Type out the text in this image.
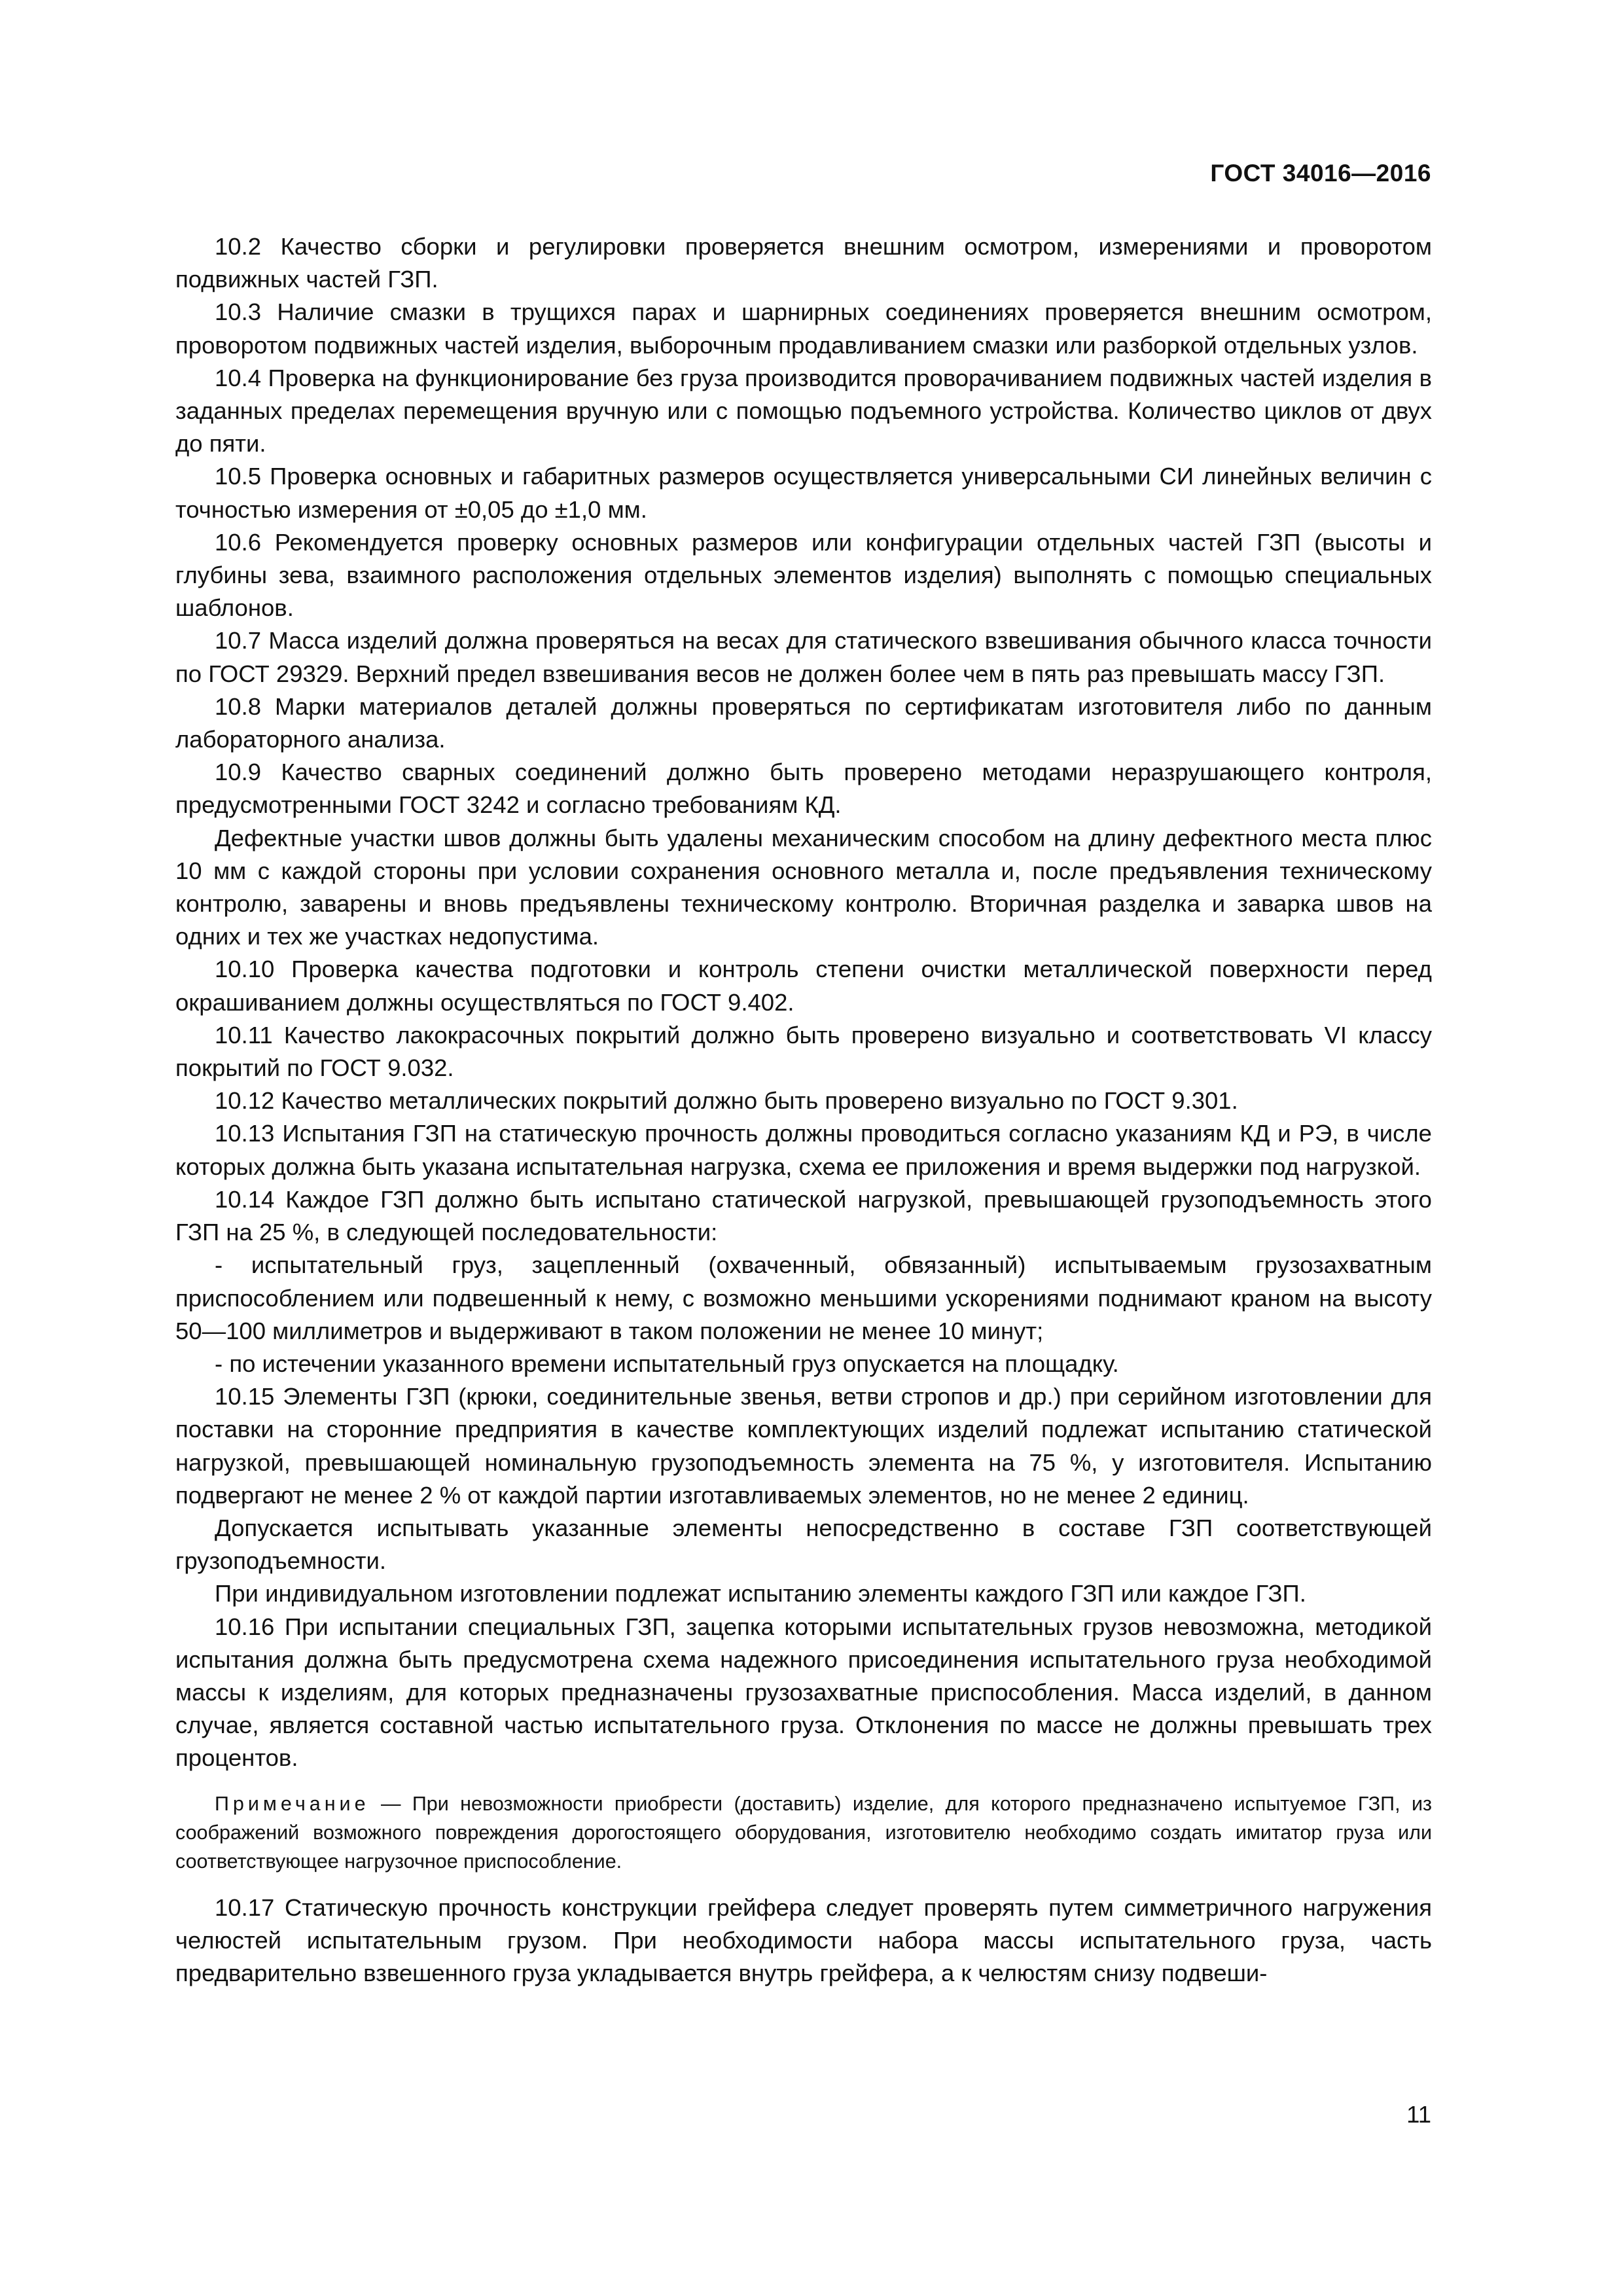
ГОСТ 34016—2016

10.2 Качество сборки и регулировки проверяется внешним осмотром, измерениями и проворотом подвижных частей ГЗП.

10.3 Наличие смазки в трущихся парах и шарнирных соединениях проверяется внешним осмотром, проворотом подвижных частей изделия, выборочным продавливанием смазки или разборкой отдельных узлов.

10.4 Проверка на функционирование без груза производится проворачиванием подвижных частей изделия в заданных пределах перемещения вручную или с помощью подъемного устройства. Количество циклов от двух до пяти.

10.5 Проверка основных и габаритных размеров осуществляется универсальными СИ линейных величин с точностью измерения от ±0,05 до ±1,0 мм.

10.6 Рекомендуется проверку основных размеров или конфигурации отдельных частей ГЗП (высоты и глубины зева, взаимного расположения отдельных элементов изделия) выполнять с помощью специальных шаблонов.

10.7 Масса изделий должна проверяться на весах для статического взвешивания обычного класса точности по ГОСТ 29329. Верхний предел взвешивания весов не должен более чем в пять раз превышать массу ГЗП.

10.8 Марки материалов деталей должны проверяться по сертификатам изготовителя либо по данным лабораторного анализа.

10.9 Качество сварных соединений должно быть проверено методами неразрушающего контроля, предусмотренными ГОСТ 3242 и согласно требованиям КД.

Дефектные участки швов должны быть удалены механическим способом на длину дефектного места плюс 10 мм с каждой стороны при условии сохранения основного металла и, после предъявления техническому контролю, заварены и вновь предъявлены техническому контролю. Вторичная разделка и заварка швов на одних и тех же участках недопустима.

10.10 Проверка качества подготовки и контроль степени очистки металлической поверхности перед окрашиванием должны осуществляться по ГОСТ 9.402.

10.11 Качество лакокрасочных покрытий должно быть проверено визуально и соответствовать VI классу покрытий по ГОСТ 9.032.

10.12 Качество металлических покрытий должно быть проверено визуально по ГОСТ 9.301.

10.13 Испытания ГЗП на статическую прочность должны проводиться согласно указаниям КД и РЭ, в числе которых должна быть указана испытательная нагрузка, схема ее приложения и время выдержки под нагрузкой.

10.14 Каждое ГЗП должно быть испытано статической нагрузкой, превышающей грузоподъемность этого ГЗП на 25 %, в следующей последовательности:

- испытательный груз, зацепленный (охваченный, обвязанный) испытываемым грузозахватным приспособлением или подвешенный к нему, с возможно меньшими ускорениями поднимают краном на высоту 50—100 миллиметров и выдерживают в таком положении не менее 10 минут;

- по истечении указанного времени испытательный груз опускается на площадку.

10.15 Элементы ГЗП (крюки, соединительные звенья, ветви стропов и др.) при серийном изготовлении для поставки на сторонние предприятия в качестве комплектующих изделий подлежат испытанию статической нагрузкой, превышающей номинальную грузоподъемность элемента на 75 %, у изготовителя. Испытанию подвергают не менее 2 % от каждой партии изготавливаемых элементов, но не менее 2 единиц.

Допускается испытывать указанные элементы непосредственно в составе ГЗП соответствующей грузоподъемности.

При индивидуальном изготовлении подлежат испытанию элементы каждого ГЗП или каждое ГЗП.

10.16 При испытании специальных ГЗП, зацепка которыми испытательных грузов невозможна, методикой испытания должна быть предусмотрена схема надежного присоединения испытательного груза необходимой массы к изделиям, для которых предназначены грузозахватные приспособления. Масса изделий, в данном случае, является составной частью испытательного груза. Отклонения по массе не должны превышать трех процентов.

Примечание — При невозможности приобрести (доставить) изделие, для которого предназначено испытуемое ГЗП, из соображений возможного повреждения дорогостоящего оборудования, изготовителю необходимо создать имитатор груза или соответствующее нагрузочное приспособление.

10.17 Статическую прочность конструкции грейфера следует проверять путем симметричного нагружения челюстей испытательным грузом. При необходимости набора массы испытательного груза, часть предварительно взвешенного груза укладывается внутрь грейфера, а к челюстям снизу подвеши-

11
